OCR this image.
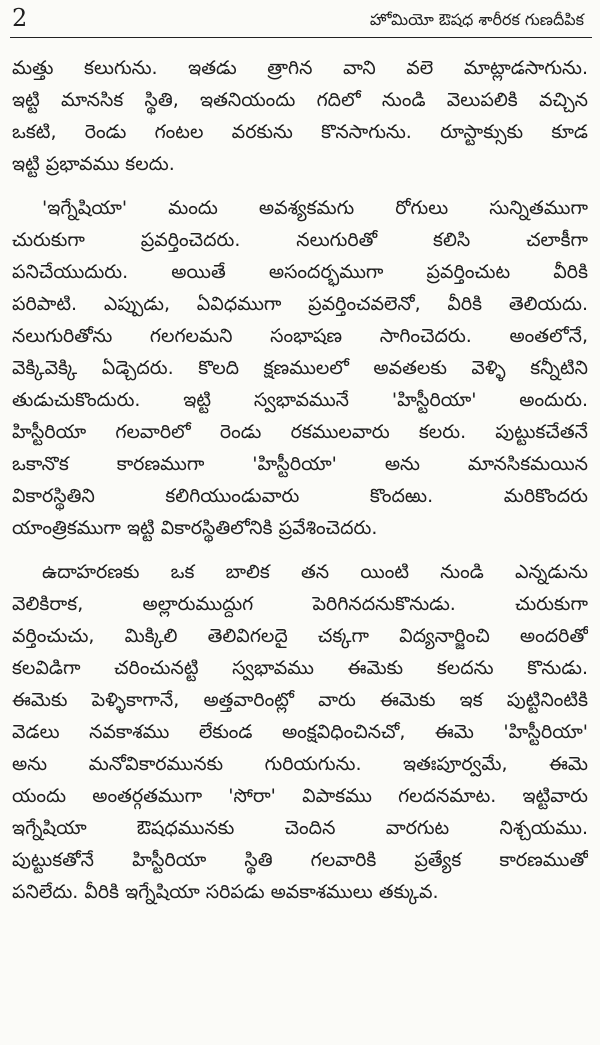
2	హోమియో ఔషధ శారీరక గుణదీపిక
మత్తు కలుగును. ఇతడు త్రాగిన వాని వలె మాట్లాడసాగును.
ఇట్టి మానసిక స్థితి, ఇతనియందు గదిలో నుండి వెలుపలికి వచ్చిన
ఒకటి, రెండు గంటల వరకును కొనసాగును. రూస్టాక్సుకు కూడ
ఇట్టి ప్రభావము కలదు.
'ఇగ్నేషియా' మందు అవశ్యకమగు రోగులు సున్నితముగా
చురుకుగా ప్రవర్తించెదరు. నలుగురితో కలిసి చలాకీగా
పనిచేయుదురు. అయితే అసందర్భముగా ప్రవర్తించుట వీరికి
పరిపాటి. ఎప్పుడు, ఏవిధముగా ప్రవర్తించవలెనో, వీరికి తెలియదు.
నలుగురితోను గలగలమని సంభాషణ సాగించెదరు. అంతలోనే,
వెక్కివెక్కి ఏడ్చెదరు. కొలది క్షణములలో అవతలకు వెళ్ళి కన్నీటిని
తుడుచుకొందురు. ఇట్టి స్వభావమునే 'హిస్టీరియా' అందురు.
హిస్టీరియా గలవారిలో రెండు రకములవారు కలరు. పుట్టుకచేతనే
ఒకానొక కారణముగా 'హిస్టీరియా' అను మానసికమయిన
వికారస్థితిని కలిగియుండువారు కొందఱు. మరికొందరు
యాంత్రికముగా ఇట్టి వికారస్థితిలోనికి ప్రవేశించెదరు.
ఉదాహరణకు ఒక బాలిక తన యింటి నుండి ఎన్నడును
వెలికిరాక, అల్లారుముద్దుగ పెరిగినదనుకొనుడు. చురుకుగా
వర్తించుచు, మిక్కిలి తెలివిగలదై చక్కగా విద్యనార్జించి అందరితో
కలవిడిగా చరించునట్టి స్వభావము ఈమెకు కలదను కొనుడు.
ఈమెకు పెళ్ళికాగానే, అత్తవారింట్లో వారు ఈమెకు ఇక పుట్టినింటికి
వెడలు నవకాశము లేకుండ అంక్షవిధించినచో, ఈమె 'హిస్టీరియా'
అను మనోవికారమునకు గురియగును. ఇతఃపూర్వమే, ఈమె
యందు అంతర్గతముగా 'సోరా' విపాకము గలదనమాట. ఇట్టివారు
ఇగ్నేషియా ఔషధమునకు చెందిన వారగుట నిశ్చయము.
పుట్టుకతోనే హిస్టీరియా స్థితి గలవారికి ప్రత్యేక కారణముతో
పనిలేదు. వీరికి ఇగ్నేషియా సరిపడు అవకాశములు తక్కువ.
